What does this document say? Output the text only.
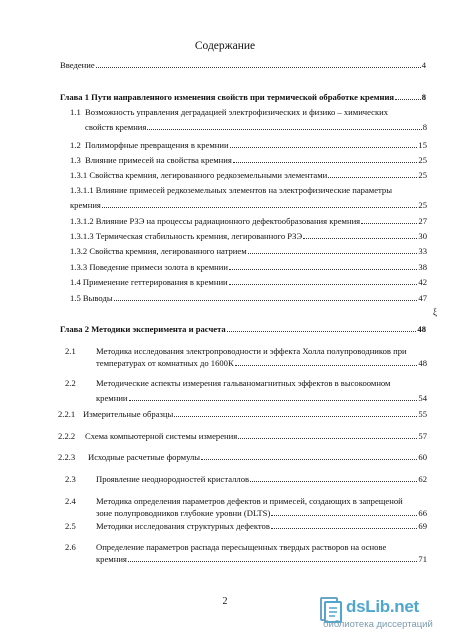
Содержание
Введение	4
Глава 1 Пути направленного изменения свойств при термической обработке кремния	8
1.1 Возможность управления деградацией электрофизических и физико – химических
свойств кремния	8
1.2 Полиморфные превращения в кремнии	15
1.3 Влияние примесей на свойства кремния	25
1.3.1 Свойства кремния, легированного редкоземельными элементами	25
1.3.1.1 Влияние примесей редкоземельных элементов на электрофизические параметры
кремния	25
1.3.1.2 Влияние РЗЭ на процессы радиационного дефектообразования кремния	27
1.3.1.3 Термическая стабильность кремния, легированного РЗЭ	30
1.3.2 Свойства кремния, легированного натрием	33
1.3.3 Поведение примеси золота в кремнии	38
1.4 Применение геттерирования в кремнии	42
1.5 Выводы	47
ξ
Глава 2 Методики эксперимента и расчета	48
2.1 Методика исследования электропроводности и эффекта Холла полупроводников при
температурах от комнатных до 1600К	48
2.2 Методические аспекты измерения гальваномагнитных эффектов в высокоомном
кремнии	54
2.2.1 Измерительные образцы	55
2.2.2 Схема компьютерной системы измерения	57
2.2.3 Исходные расчетные формулы	60
2.3 Проявление неоднородностей кристаллов	62
2.4 Методика определения параметров дефектов и примесей, создающих в запрещеной
зоне полупроводников глубокие уровни (DLTS)	66
2.5 Методики исследования структурных дефектов	69
2.6 Определение параметров распада пересыщенных твердых растворов на основе
кремния	71
2	dsLib.net
библиотека диссертаций
